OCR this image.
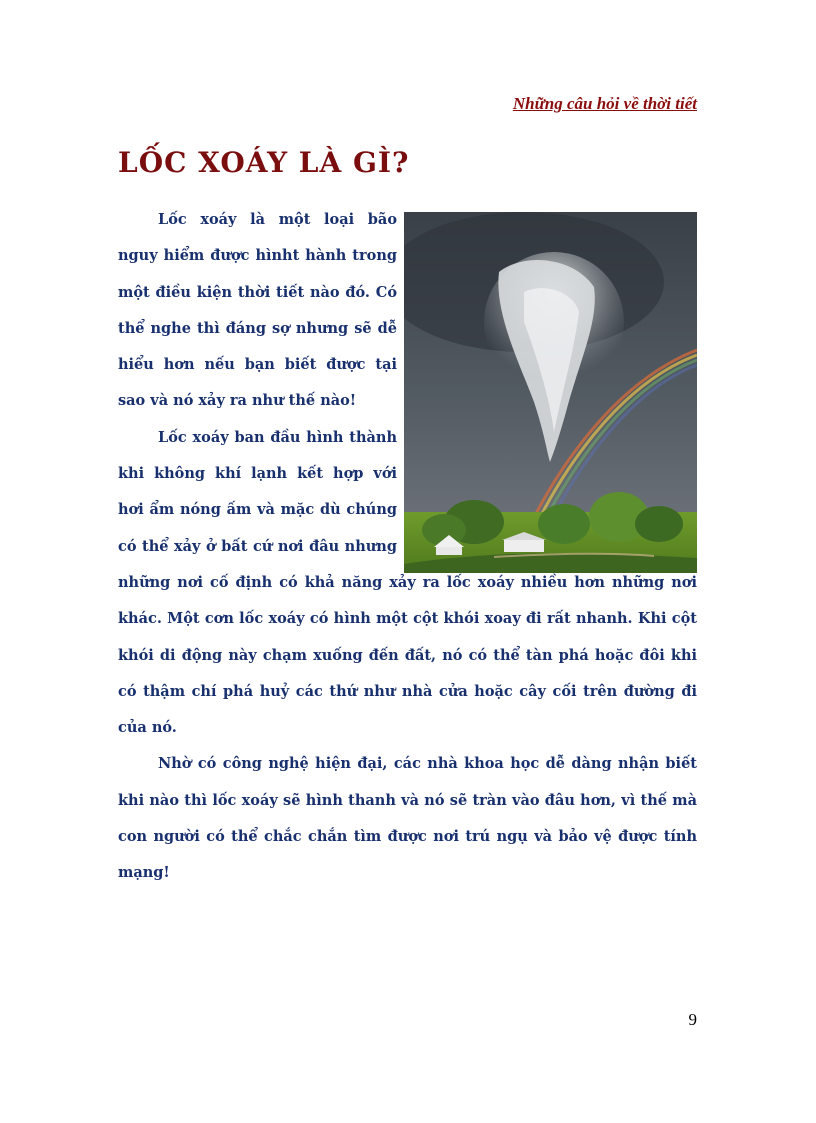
Những câu hỏi về thời tiết
LỐC XOÁY LÀ GÌ?

Lốc xoáy là một loại bão nguy hiểm được hìnht hành trong một điều kiện thời tiết nào đó. Có thể nghe thì đáng sợ nhưng sẽ dễ hiểu hơn nếu bạn biết được tại sao và nó xảy ra như thế nào!

Lốc xoáy ban đầu hình thành khi không khí lạnh kết hợp với hơi ẩm nóng ấm và mặc dù chúng có thể xảy ở bất cứ nơi đâu nhưng những nơi cố định có khả năng xảy ra lốc xoáy nhiều hơn những nơi khác. Một cơn lốc xoáy có hình một cột khói xoay đi rất nhanh. Khi cột khói di động này chạm xuống đến đất, nó có thể tàn phá hoặc đôi khi có thậm chí phá huỷ các thứ như nhà cửa hoặc cây cối trên đường đi của nó.

Nhờ có công nghệ hiện đại, các nhà khoa học dễ dàng nhận biết khi nào thì lốc xoáy sẽ hình thanh và nó sẽ tràn vào đâu hơn, vì thế mà con người có thể chắc chắn tìm được nơi trú ngụ và bảo vệ được tính mạng!

9
